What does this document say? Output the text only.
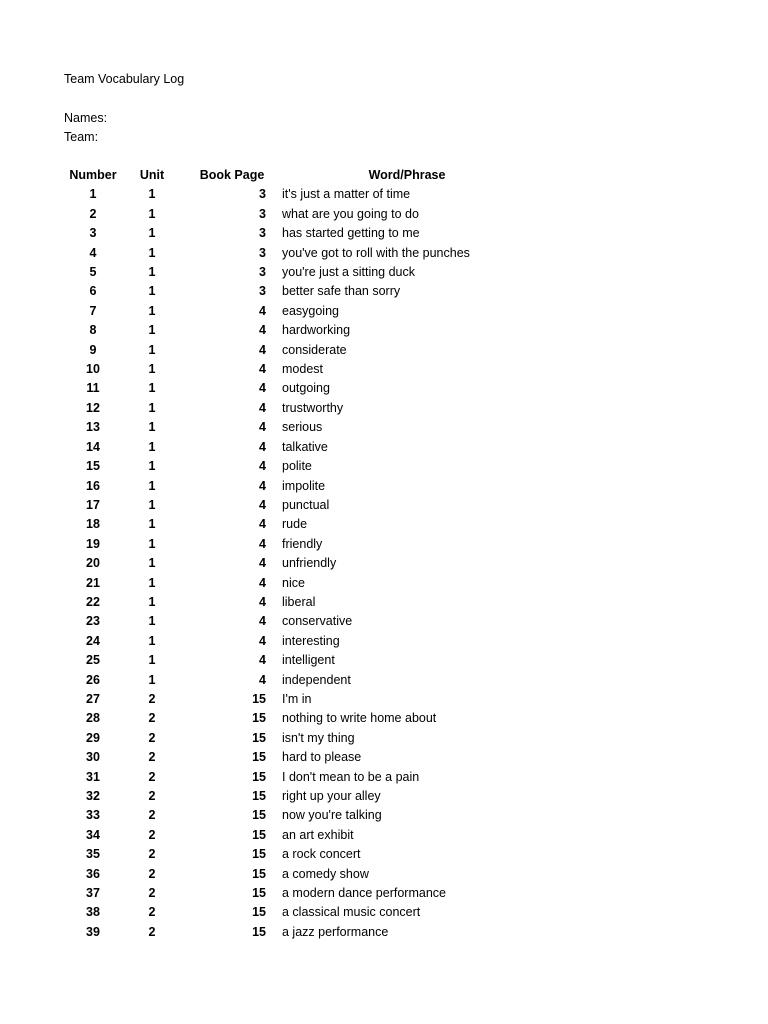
Team Vocabulary Log
Names:
Team:
Number	Unit	Book Page	Word/Phrase
1	1	3	it's just a matter of time
2	1	3	what are you going to do
3	1	3	has started getting to me
4	1	3	you've got to roll with the punches
5	1	3	you're just a sitting duck
6	1	3	better safe than sorry
7	1	4	easygoing
8	1	4	hardworking
9	1	4	considerate
10	1	4	modest
11	1	4	outgoing
12	1	4	trustworthy
13	1	4	serious
14	1	4	talkative
15	1	4	polite
16	1	4	impolite
17	1	4	punctual
18	1	4	rude
19	1	4	friendly
20	1	4	unfriendly
21	1	4	nice
22	1	4	liberal
23	1	4	conservative
24	1	4	interesting
25	1	4	intelligent
26	1	4	independent
27	2	15	I'm in
28	2	15	nothing to write home about
29	2	15	isn't my thing
30	2	15	hard to please
31	2	15	I don't mean to be a pain
32	2	15	right up your alley
33	2	15	now you're talking
34	2	15	an art exhibit
35	2	15	a rock concert
36	2	15	a comedy show
37	2	15	a modern dance performance
38	2	15	a classical music concert
39	2	15	a jazz performance
